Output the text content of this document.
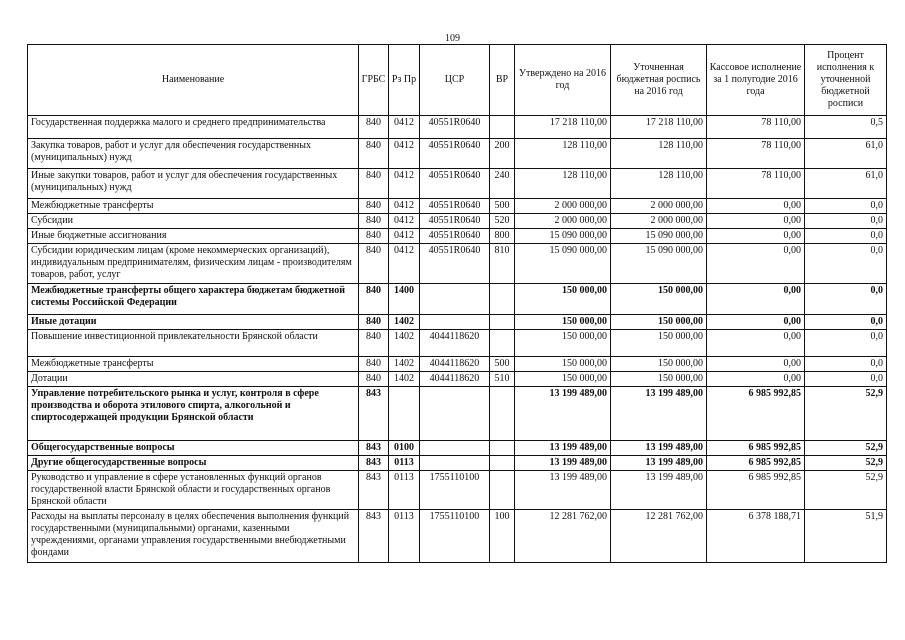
109
Наименование	ГРБС	Рз Пр	ЦСР	ВР	Утверждено на 2016 год	Уточненная бюджетная роспись на 2016 год	Кассовое исполнение за 1 полугодие 2016 года	Процент исполнения к уточненной бюджетной росписи
Государственная поддержка малого и среднего предпринимательства	840	0412	40551R0640		17 218 110,00	17 218 110,00	78 110,00	0,5
Закупка товаров, работ и услуг для обеспечения государственных (муниципальных) нужд	840	0412	40551R0640	200	128 110,00	128 110,00	78 110,00	61,0
Иные закупки товаров, работ и услуг для обеспечения государственных (муниципальных) нужд	840	0412	40551R0640	240	128 110,00	128 110,00	78 110,00	61,0
Межбюджетные трансферты	840	0412	40551R0640	500	2 000 000,00	2 000 000,00	0,00	0,0
Субсидии	840	0412	40551R0640	520	2 000 000,00	2 000 000,00	0,00	0,0
Иные бюджетные ассигнования	840	0412	40551R0640	800	15 090 000,00	15 090 000,00	0,00	0,0
Субсидии юридическим лицам (кроме некоммерческих организаций), индивидуальным предпринимателям, физическим лицам - производителям товаров, работ, услуг	840	0412	40551R0640	810	15 090 000,00	15 090 000,00	0,00	0,0
Межбюджетные трансферты общего характера бюджетам бюджетной системы Российской Федерации	840	1400			150 000,00	150 000,00	0,00	0,0
Иные дотации	840	1402			150 000,00	150 000,00	0,00	0,0
Повышение инвестиционной привлекательности Брянской области	840	1402	4044118620		150 000,00	150 000,00	0,00	0,0
Межбюджетные трансферты	840	1402	4044118620	500	150 000,00	150 000,00	0,00	0,0
Дотации	840	1402	4044118620	510	150 000,00	150 000,00	0,00	0,0
Управление потребительского рынка и услуг, контроля в сфере производства и оборота этилового спирта, алкогольной и спиртосодержащей продукции Брянской области	843				13 199 489,00	13 199 489,00	6 985 992,85	52,9
Общегосударственные вопросы	843	0100			13 199 489,00	13 199 489,00	6 985 992,85	52,9
Другие общегосударственные вопросы	843	0113			13 199 489,00	13 199 489,00	6 985 992,85	52,9
Руководство и управление в сфере установленных функций органов государственной власти Брянской области и государственных органов Брянской области	843	0113	1755110100		13 199 489,00	13 199 489,00	6 985 992,85	52,9
Расходы на выплаты персоналу в целях обеспечения выполнения функций государственными (муниципальными) органами, казенными учреждениями, органами управления государственными внебюджетными фондами	843	0113	1755110100	100	12 281 762,00	12 281 762,00	6 378 188,71	51,9
